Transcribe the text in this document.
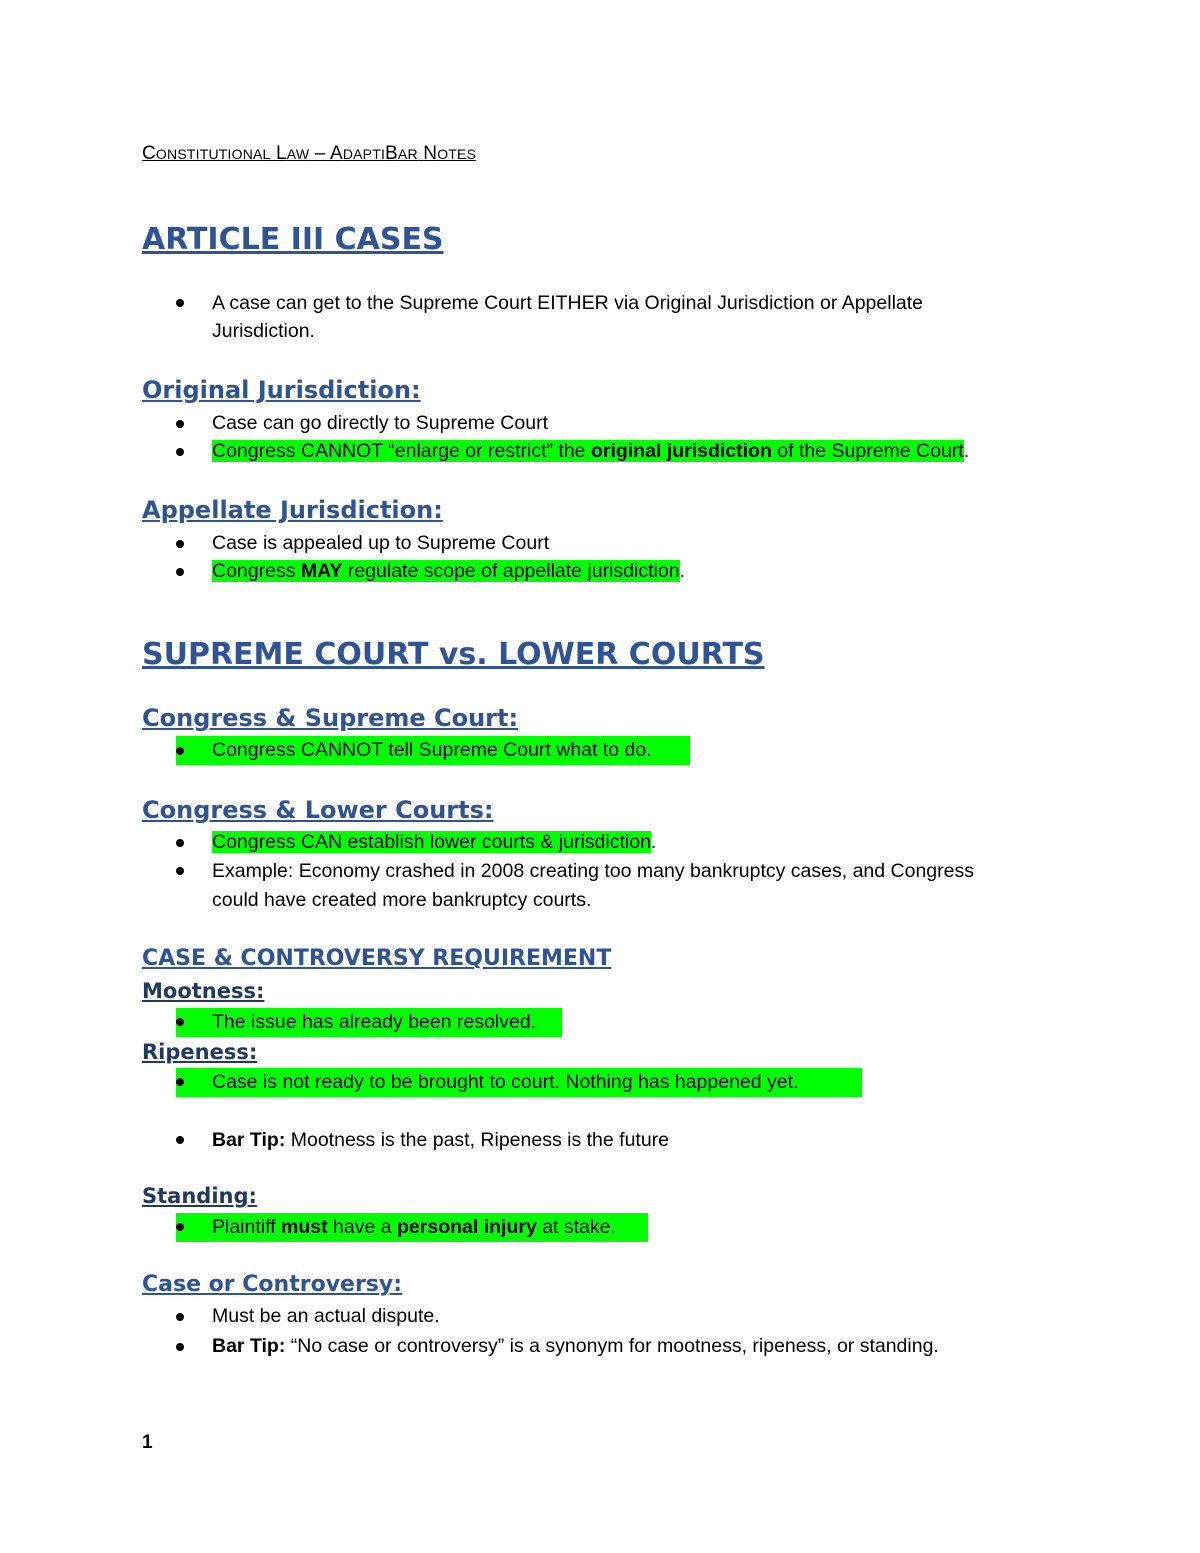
CONSTITUTIONAL LAW – ADAPTIBAR NOTES
ARTICLE III CASES
A case can get to the Supreme Court EITHER via Original Jurisdiction or Appellate
Jurisdiction.
Original Jurisdiction:
Case can go directly to Supreme Court
Congress CANNOT “enlarge or restrict” the original jurisdiction of the Supreme Court.
Appellate Jurisdiction:
Case is appealed up to Supreme Court
Congress MAY regulate scope of appellate jurisdiction.
SUPREME COURT vs. LOWER COURTS
Congress & Supreme Court:
Congress CANNOT tell Supreme Court what to do.
Congress & Lower Courts:
Congress CAN establish lower courts & jurisdiction.
Example: Economy crashed in 2008 creating too many bankruptcy cases, and Congress
could have created more bankruptcy courts.
CASE & CONTROVERSY REQUIREMENT
Mootness:
The issue has already been resolved.
Ripeness:
Case is not ready to be brought to court. Nothing has happened yet.
Bar Tip: Mootness is the past, Ripeness is the future
Standing:
Plaintiff must have a personal injury at stake.
Case or Controversy:
Must be an actual dispute.
Bar Tip: “No case or controversy” is a synonym for mootness, ripeness, or standing.
1
